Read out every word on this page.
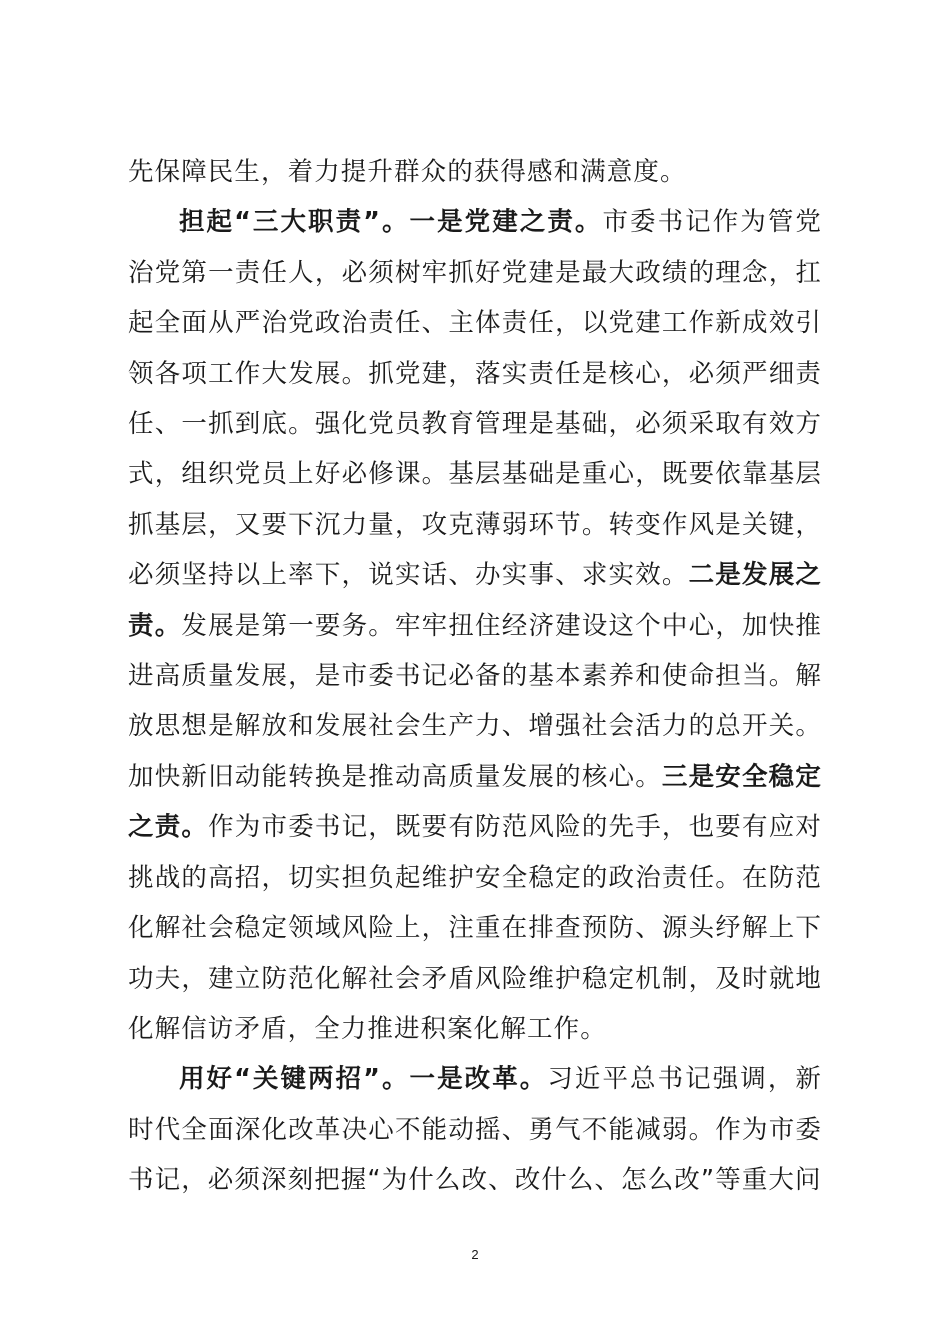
先保障民生，着力提升群众的获得感和满意度。

担起“三大职责”。一是党建之责。市委书记作为管党治党第一责任人，必须树牢抓好党建是最大政绩的理念，扛起全面从严治党政治责任、主体责任，以党建工作新成效引领各项工作大发展。抓党建，落实责任是核心，必须严细责任、一抓到底。强化党员教育管理是基础，必须采取有效方式，组织党员上好必修课。基层基础是重心，既要依靠基层抓基层，又要下沉力量，攻克薄弱环节。转变作风是关键，必须坚持以上率下，说实话、办实事、求实效。二是发展之责。发展是第一要务。牢牢扭住经济建设这个中心，加快推进高质量发展，是市委书记必备的基本素养和使命担当。解放思想是解放和发展社会生产力、增强社会活力的总开关。加快新旧动能转换是推动高质量发展的核心。三是安全稳定之责。作为市委书记，既要有防范风险的先手，也要有应对挑战的高招，切实担负起维护安全稳定的政治责任。在防范化解社会稳定领域风险上，注重在排查预防、源头纾解上下功夫，建立防范化解社会矛盾风险维护稳定机制，及时就地化解信访矛盾，全力推进积案化解工作。

用好“关键两招”。一是改革。习近平总书记强调，新时代全面深化改革决心不能动摇、勇气不能减弱。作为市委书记，必须深刻把握“为什么改、改什么、怎么改”等重大问

2
